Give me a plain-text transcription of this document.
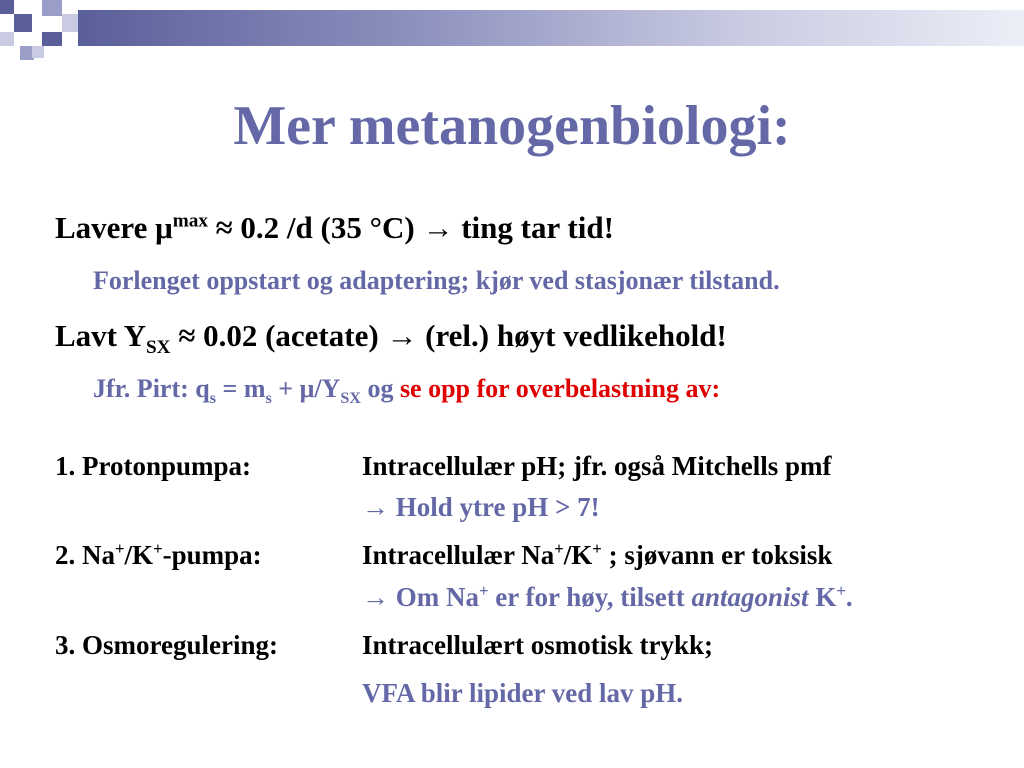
Mer metanogenbiologi:
Lavere $\mu^{max} \approx 0.2$ /d (35 °C) → ting tar tid!
Forlenget oppstart og adaptering; kjør ved stasjonær tilstand.
Lavt $Y_{SX} \approx 0.02$ (acetate) → (rel.) høyt vedlikehold!
Jfr. Pirt: $q_s = m_s + \mu/Y_{SX}$ og se opp for overbelastning av:
1. Protonpumpa:	Intracellulær pH; jfr. også Mitchells pmf
→ Hold ytre pH > 7!
2. Na+/K+-pumpa:	Intracellulær Na+/K+ ; sjøvann er toksisk
→ Om Na+ er for høy, tilsett antagonist K+.
3. Osmoregulering:	Intracellulært osmotisk trykk;
VFA blir lipider ved lav pH.
